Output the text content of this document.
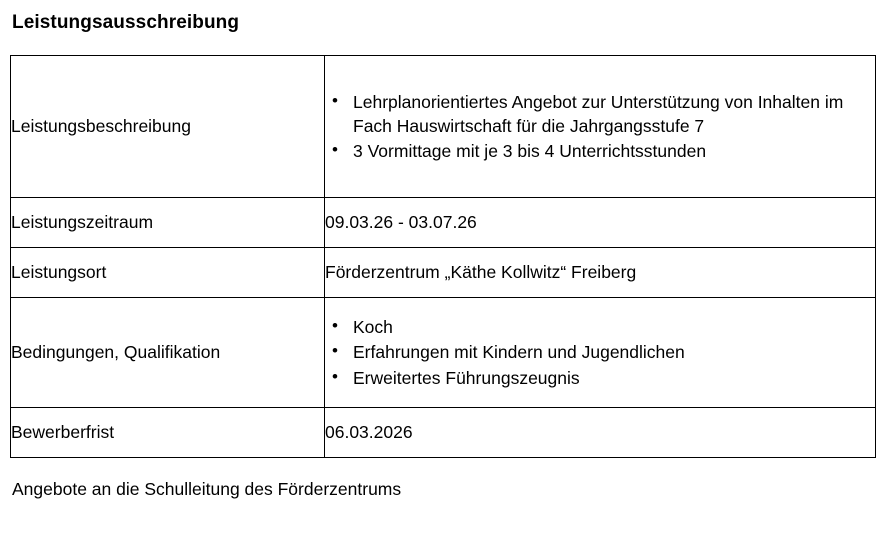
Leistungsausschreibung
Leistungsbeschreibung	
• Lehrplanorientiertes Angebot zur Unterstützung von Inhalten im Fach Hauswirtschaft für die Jahrgangsstufe 7
• 3 Vormittage mit je 3 bis 4 Unterrichtsstunden

Leistungszeitraum	09.03.26 - 03.07.26
Leistungsort	Förderzentrum „Käthe Kollwitz“ Freiberg
Bedingungen, Qualifikation	
• Koch
• Erfahrungen mit Kindern und Jugendlichen
• Erweitertes Führungszeugnis

Bewerberfrist	06.03.2026

Angebote an die Schulleitung des Förderzentrums
